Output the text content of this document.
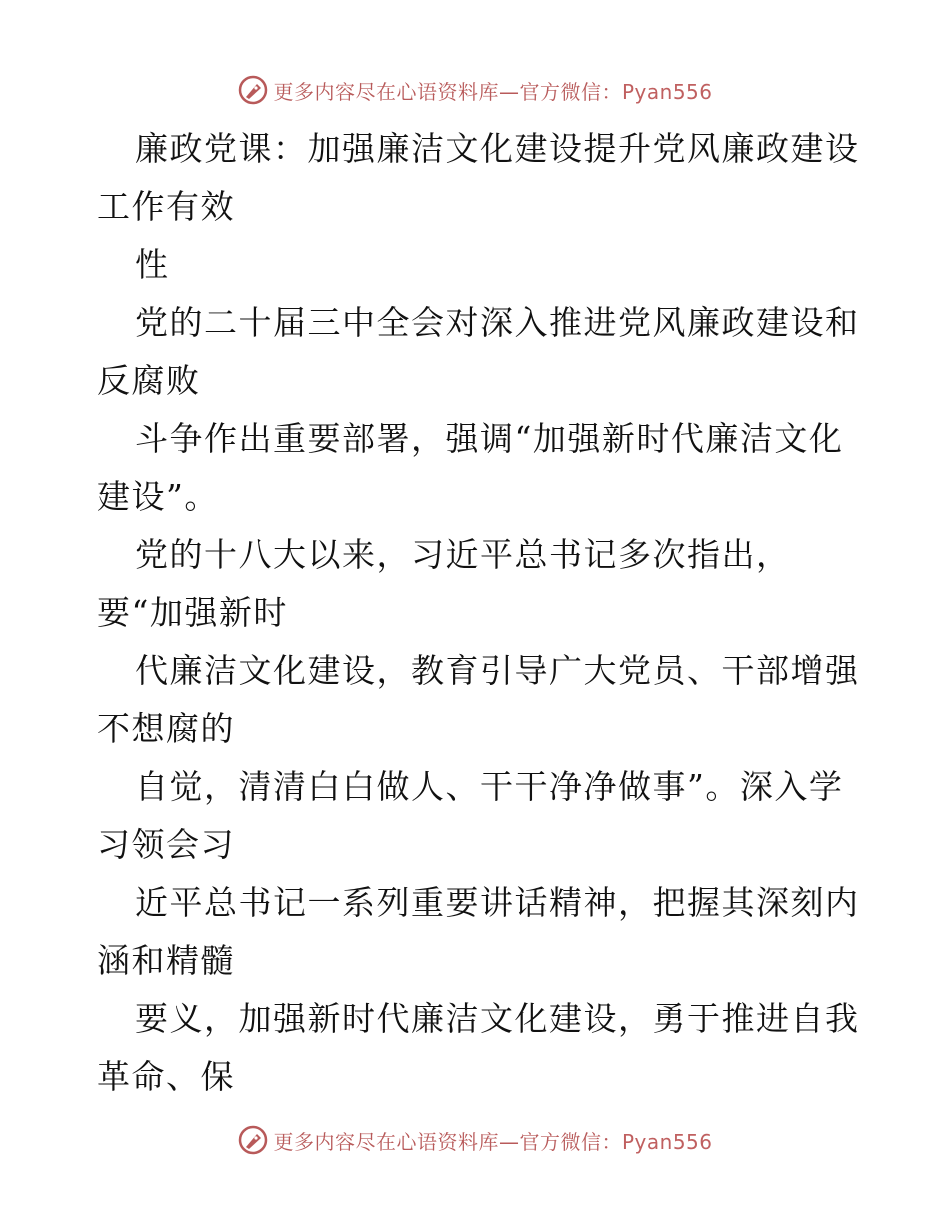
更多内容尽在心语资料库—官方微信：Pyan556
廉政党课：加强廉洁文化建设提升党风廉政建设
工作有效
性
党的二十届三中全会对深入推进党风廉政建设和
反腐败
斗争作出重要部署，强调“加强新时代廉洁文化
建设”。
党的十八大以来，习近平总书记多次指出，
要“加强新时
代廉洁文化建设，教育引导广大党员、干部增强
不想腐的
自觉，清清白白做人、干干净净做事”。深入学
习领会习
近平总书记一系列重要讲话精神，把握其深刻内
涵和精髓
要义，加强新时代廉洁文化建设，勇于推进自我
革命、保
更多内容尽在心语资料库—官方微信：Pyan556
